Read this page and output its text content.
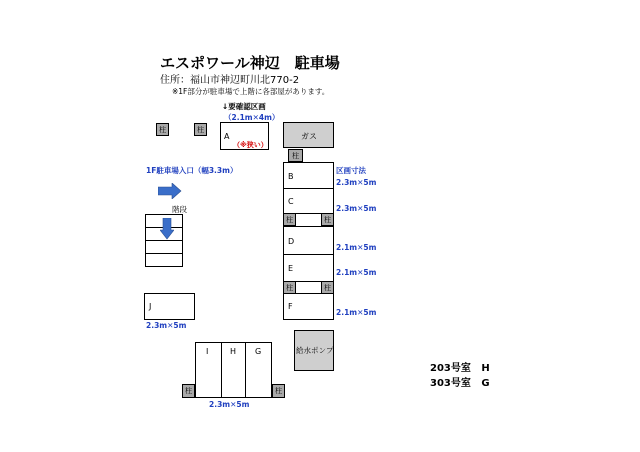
エスポワール神辺　駐車場
住所：福山市神辺町川北770-2
※1F部分が駐車場で上階に各部屋があります。
↓要確認区画
（2.1m✕4m）
柱	柱
A
（※狭い）
ガス
柱
1F駐車場入口（幅3.3m）
階段
区画寸法
B
2.3m✕5m
C
2.3m✕5m
柱	柱
D
2.1m✕5m
E	2.1m✕5m
柱	柱
F
2.1m✕5m
J
2.3m✕5m
給水ポンプ
I	H G
柱	柱
2.3m✕5m
203号室 H
303号室 G
